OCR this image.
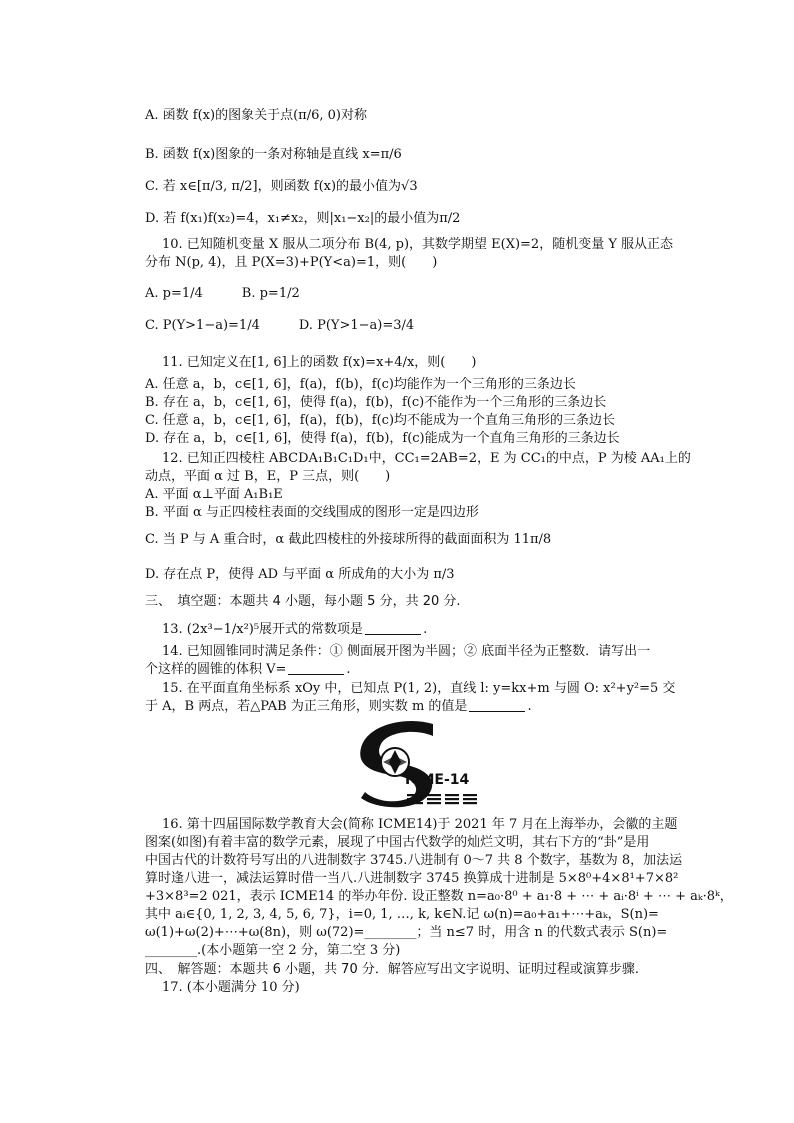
A. 函数 f(x)的图象关于点(π/6, 0)对称
B. 函数 f(x)图象的一条对称轴是直线 x=π/6
C. 若 x∈[π/3, π/2]，则函数 f(x)的最小值为√3
D. 若 f(x₁)f(x₂)=4，x₁≠x₂，则|x₁−x₂|的最小值为π/2
10. 已知随机变量 X 服从二项分布 B(4, p)，其数学期望 E(X)=2，随机变量 Y 服从正态
分布 N(p, 4)，且 P(X=3)+P(Y<a)=1，则(　　)
A. p=1/4　　　B. p=1/2
C. P(Y>1−a)=1/4　　　D. P(Y>1−a)=3/4
11. 已知定义在[1, 6]上的函数 f(x)=x+4/x，则(　　)
A. 任意 a，b，c∈[1, 6]，f(a)，f(b)，f(c)均能作为一个三角形的三条边长
B. 存在 a，b，c∈[1, 6]，使得 f(a)，f(b)，f(c)不能作为一个三角形的三条边长
C. 任意 a，b，c∈[1, 6]，f(a)，f(b)，f(c)均不能成为一个直角三角形的三条边长
D. 存在 a，b，c∈[1, 6]，使得 f(a)，f(b)，f(c)能成为一个直角三角形的三条边长
12. 已知正四棱柱 ABCDA₁B₁C₁D₁中，CC₁=2AB=2，E 为 CC₁的中点，P 为棱 AA₁上的
动点，平面 α 过 B，E，P 三点，则(　　)
A. 平面 α⊥平面 A₁B₁E
B. 平面 α 与正四棱柱表面的交线围成的图形一定是四边形
C. 当 P 与 A 重合时，α 截此四棱柱的外接球所得的截面面积为 11π/8
D. 存在点 P，使得 AD 与平面 α 所成角的大小为 π/3
三、　填空题：本题共 4 小题，每小题 5 分，共 20 分.
13. (2x³−1/x²)⁵展开式的常数项是	.
14. 已知圆锥同时满足条件：① 侧面展开图为半圆；② 底面半径为正整数．请写出一
个这样的圆锥的体积 V=	.
15. 在平面直角坐标系 xOy 中，已知点 P(1, 2)，直线 l: y=kx+m 与圆 O: x²+y²=5 交
于 A，B 两点，若△PAB 为正三角形，则实数 m 的值是	.
16. 第十四届国际数学教育大会(简称 ICME14)于 2021 年 7 月在上海举办，会徽的主题
图案(如图)有着丰富的数学元素，展现了中国古代数学的灿烂文明，其右下方的“卦”是用
中国古代的计数符号写出的八进制数字 3745.八进制有 0～7 共 8 个数字，基数为 8，加法运
算时逢八进一，减法运算时借一当八.八进制数字 3745 换算成十进制是 5×8⁰+4×8¹+7×8²
+3×8³=2 021，表示 ICME14 的举办年份. 设正整数 n=a₀·8⁰ + a₁·8 + ⋯ + aᵢ·8ⁱ + ⋯ + aₖ·8ᵏ，
其中 aᵢ∈{0, 1, 2, 3, 4, 5, 6, 7}，i=0, 1, …, k, k∈N.记 ω(n)=a₀+a₁+⋯+aₖ，S(n)=
ω(1)+ω(2)+⋯+ω(8n)，则 ω(72)=________；当 n≤7 时，用含 n 的代数式表示 S(n)=
________.(本小题第一空 2 分，第二空 3 分)
四、　解答题：本题共 6 小题，共 70 分．解答应写出文字说明、证明过程或演算步骤.
17. (本小题满分 10 分)
ICME-14
